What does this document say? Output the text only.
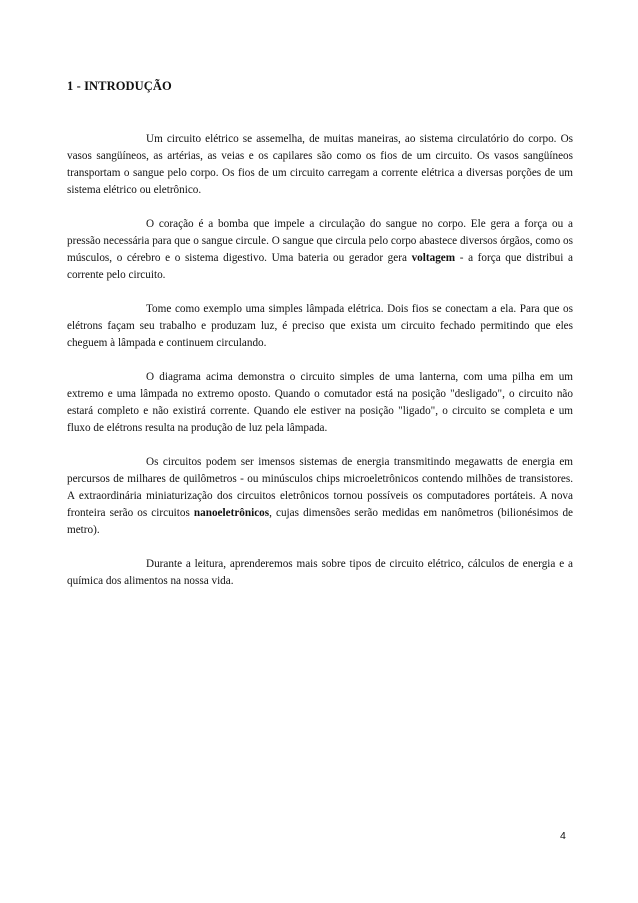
1 - INTRODUÇÃO

Um circuito elétrico se assemelha, de muitas maneiras, ao sistema circulatório do corpo. Os vasos sangüíneos, as artérias, as veias e os capilares são como os fios de um circuito. Os vasos sangüíneos transportam o sangue pelo corpo. Os fios de um circuito carregam a corrente elétrica a diversas porções de um sistema elétrico ou eletrônico.

O coração é a bomba que impele a circulação do sangue no corpo. Ele gera a força ou a pressão necessária para que o sangue circule. O sangue que circula pelo corpo abastece diversos órgãos, como os músculos, o cérebro e o sistema digestivo. Uma bateria ou gerador gera voltagem - a força que distribui a corrente pelo circuito.

Tome como exemplo uma simples lâmpada elétrica. Dois fios se conectam a ela. Para que os elétrons façam seu trabalho e produzam luz, é preciso que exista um circuito fechado permitindo que eles cheguem à lâmpada e continuem circulando.

O diagrama acima demonstra o circuito simples de uma lanterna, com uma pilha em um extremo e uma lâmpada no extremo oposto. Quando o comutador está na posição "desligado", o circuito não estará completo e não existirá corrente. Quando ele estiver na posição "ligado", o circuito se completa e um fluxo de elétrons resulta na produção de luz pela lâmpada.

Os circuitos podem ser imensos sistemas de energia transmitindo megawatts de energia em percursos de milhares de quilômetros - ou minúsculos chips microeletrônicos contendo milhões de transistores. A extraordinária miniaturização dos circuitos eletrônicos tornou possíveis os computadores portáteis. A nova fronteira serão os circuitos nanoeletrônicos, cujas dimensões serão medidas em nanômetros (bilionésimos de metro).

Durante a leitura, aprenderemos mais sobre tipos de circuito elétrico, cálculos de energia e a química dos alimentos na nossa vida.

4
